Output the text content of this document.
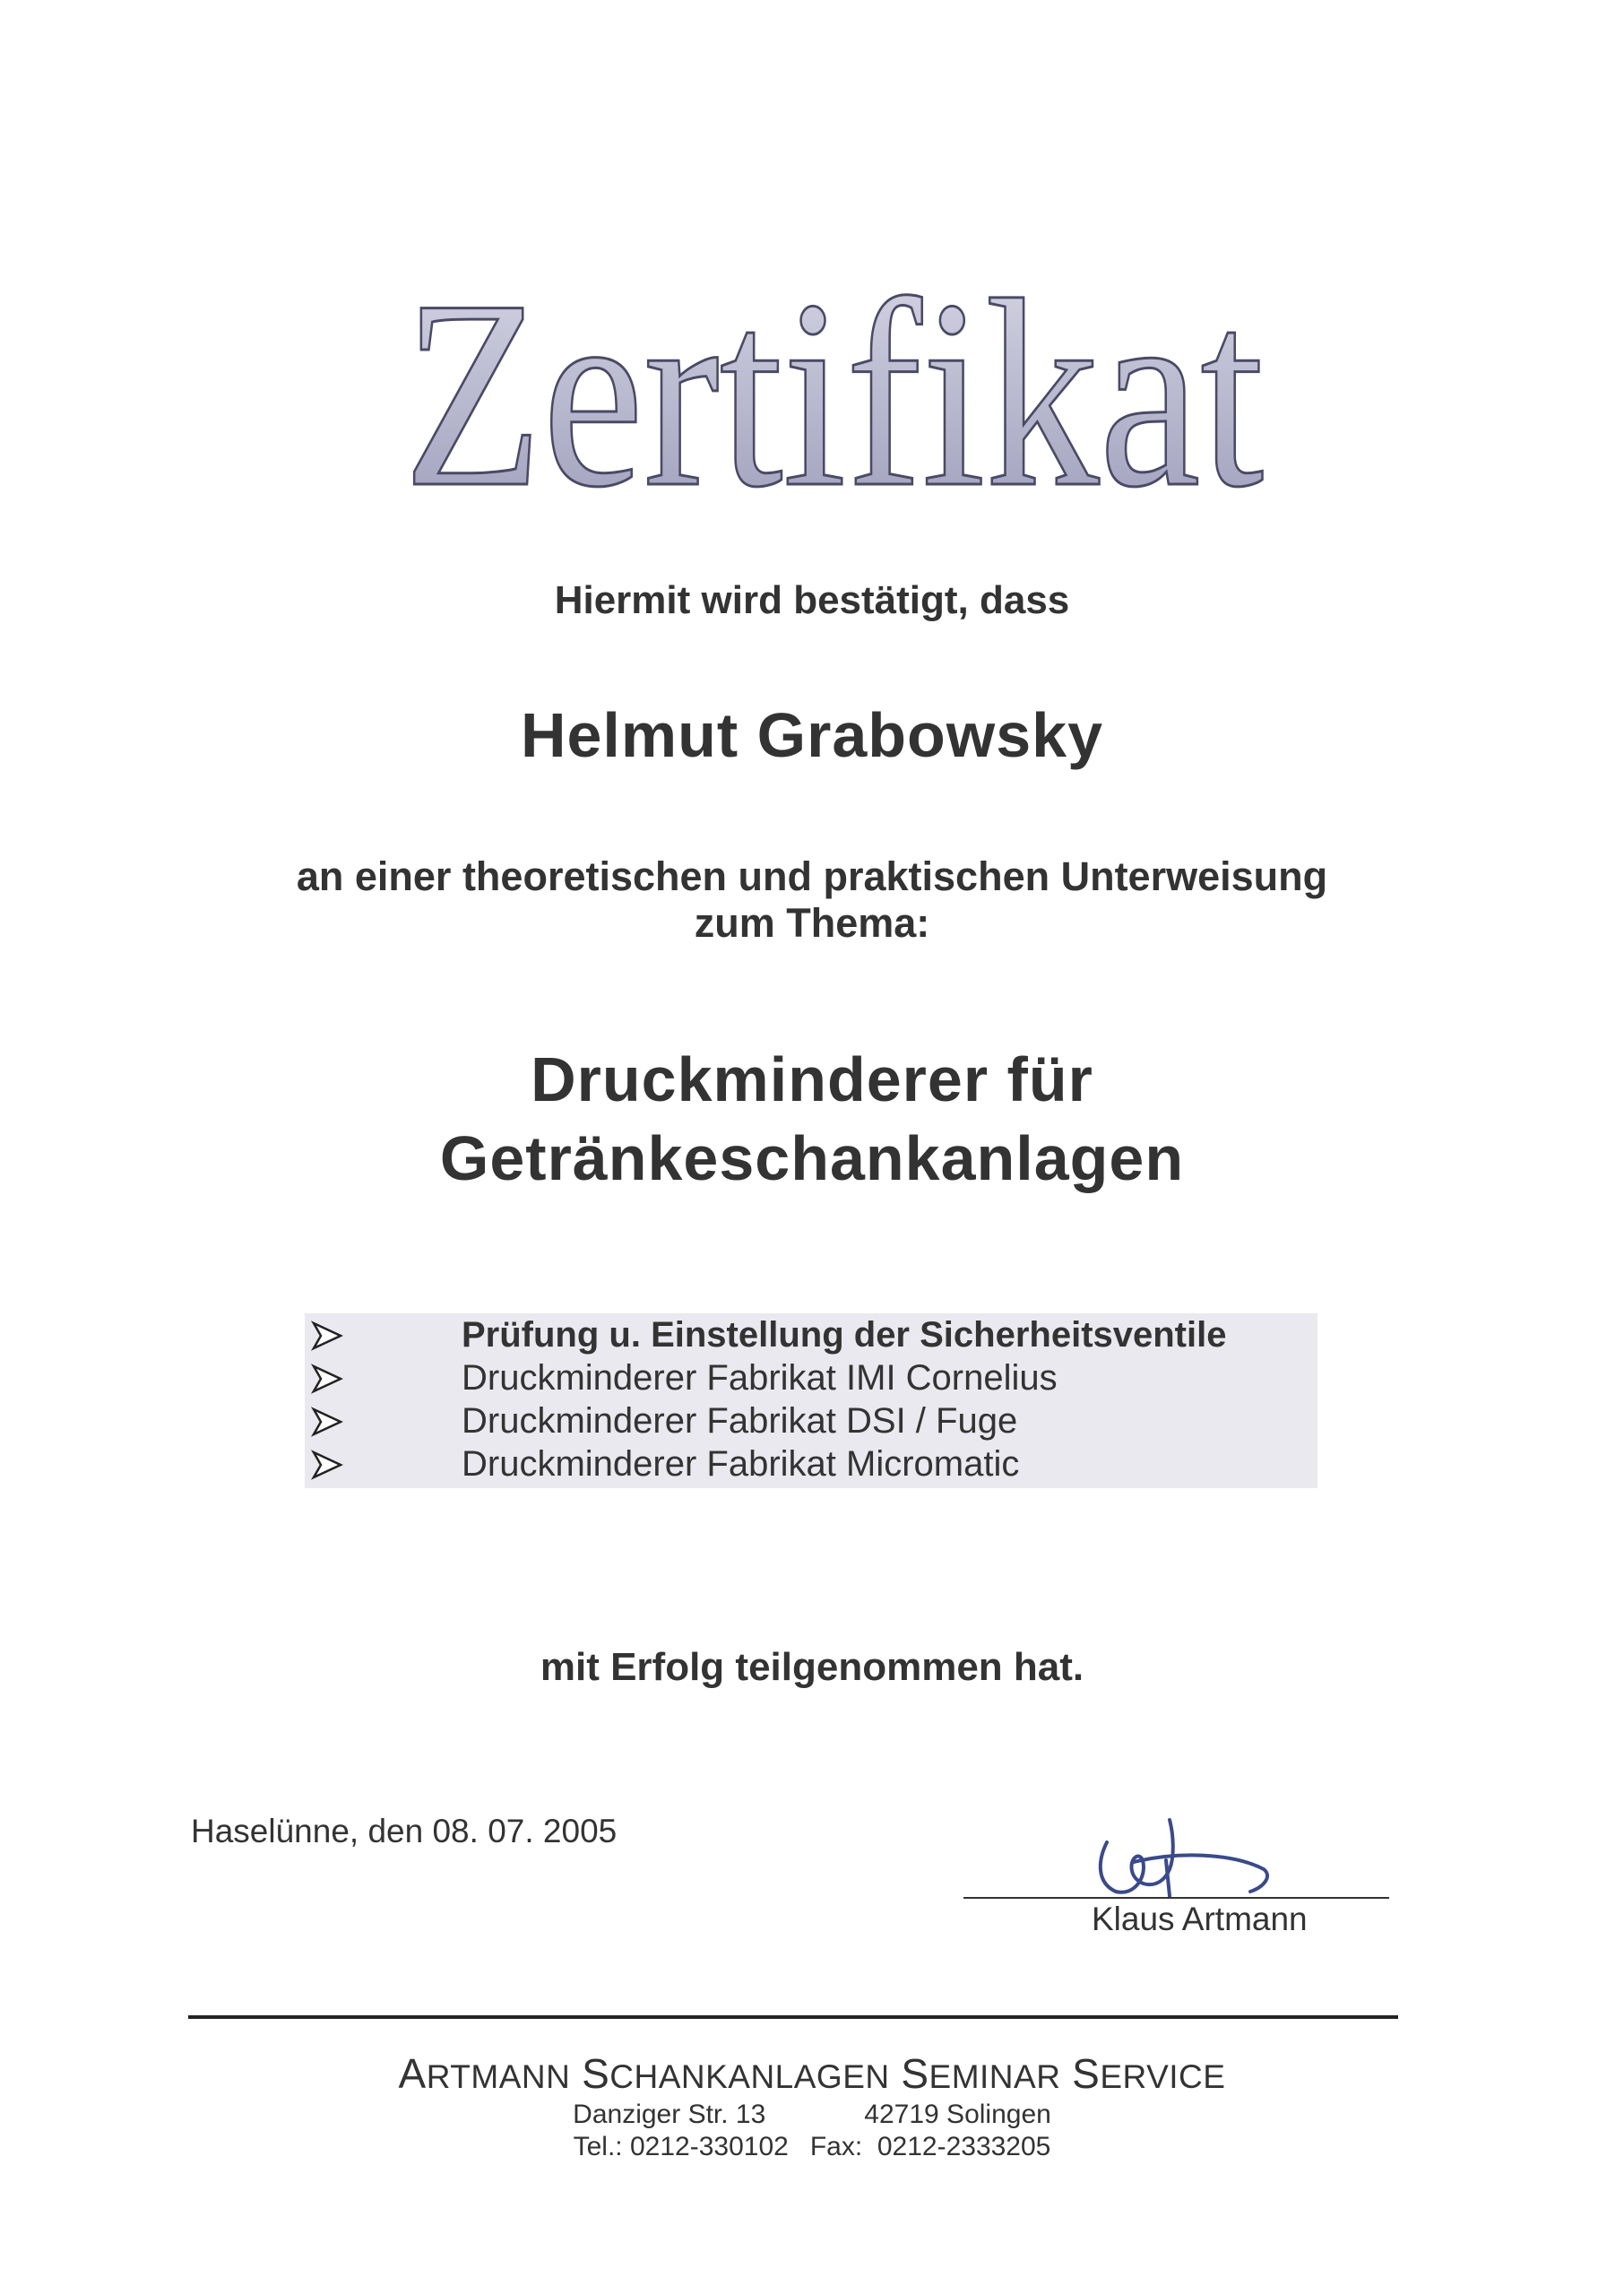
Zertifikat
Hiermit wird bestätigt, dass
Helmut Grabowsky
an einer theoretischen und praktischen Unterweisung
zum Thema:
Druckminderer für
Getränkeschankanlagen
Prüfung u. Einstellung der Sicherheitsventile
Druckminderer Fabrikat IMI Cornelius
Druckminderer Fabrikat DSI / Fuge
Druckminderer Fabrikat Micromatic
mit Erfolg teilgenommen hat.
Haselünne, den 08. 07. 2005
Klaus Artmann
ARTMANN SCHANKANLAGEN SEMINAR SERVICE
Danziger Str. 13	42719 Solingen
Tel.: 0212-330102 Fax:  0212-2333205
